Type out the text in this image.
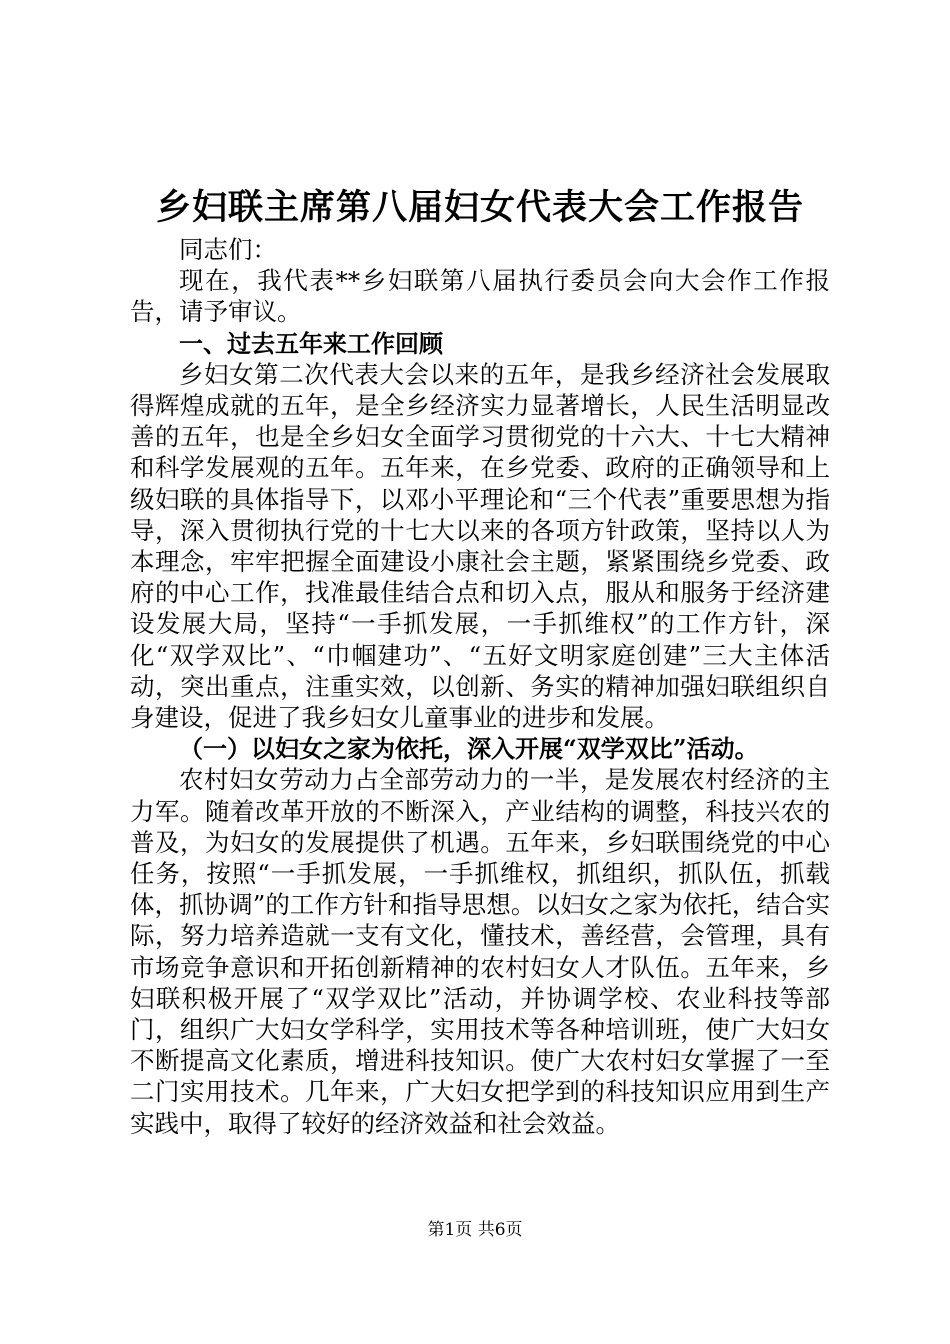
乡妇联主席第八届妇女代表大会工作报告

同志们：

现在，我代表**乡妇联第八届执行委员会向大会作工作报告，请予审议。

一、过去五年来工作回顾

乡妇女第二次代表大会以来的五年，是我乡经济社会发展取得辉煌成就的五年，是全乡经济实力显著增长，人民生活明显改善的五年，也是全乡妇女全面学习贯彻党的十六大、十七大精神和科学发展观的五年。五年来，在乡党委、政府的正确领导和上级妇联的具体指导下，以邓小平理论和“三个代表”重要思想为指导，深入贯彻执行党的十七大以来的各项方针政策，坚持以人为本理念，牢牢把握全面建设小康社会主题，紧紧围绕乡党委、政府的中心工作，找准最佳结合点和切入点，服从和服务于经济建设发展大局，坚持“一手抓发展，一手抓维权”的工作方针，深化“双学双比”、“巾帼建功”、“五好文明家庭创建”三大主体活动，突出重点，注重实效，以创新、务实的精神加强妇联组织自身建设，促进了我乡妇女儿童事业的进步和发展。

（一）以妇女之家为依托，深入开展“双学双比”活动。

农村妇女劳动力占全部劳动力的一半，是发展农村经济的主力军。随着改革开放的不断深入，产业结构的调整，科技兴农的普及，为妇女的发展提供了机遇。五年来，乡妇联围绕党的中心任务，按照“一手抓发展，一手抓维权，抓组织，抓队伍，抓载体，抓协调”的工作方针和指导思想。以妇女之家为依托，结合实际，努力培养造就一支有文化，懂技术，善经营，会管理，具有市场竞争意识和开拓创新精神的农村妇女人才队伍。五年来，乡妇联积极开展了“双学双比”活动，并协调学校、农业科技等部门，组织广大妇女学科学，实用技术等各种培训班，使广大妇女不断提高文化素质，增进科技知识。使广大农村妇女掌握了一至二门实用技术。几年来，广大妇女把学到的科技知识应用到生产实践中，取得了较好的经济效益和社会效益。

第1页 共6页
